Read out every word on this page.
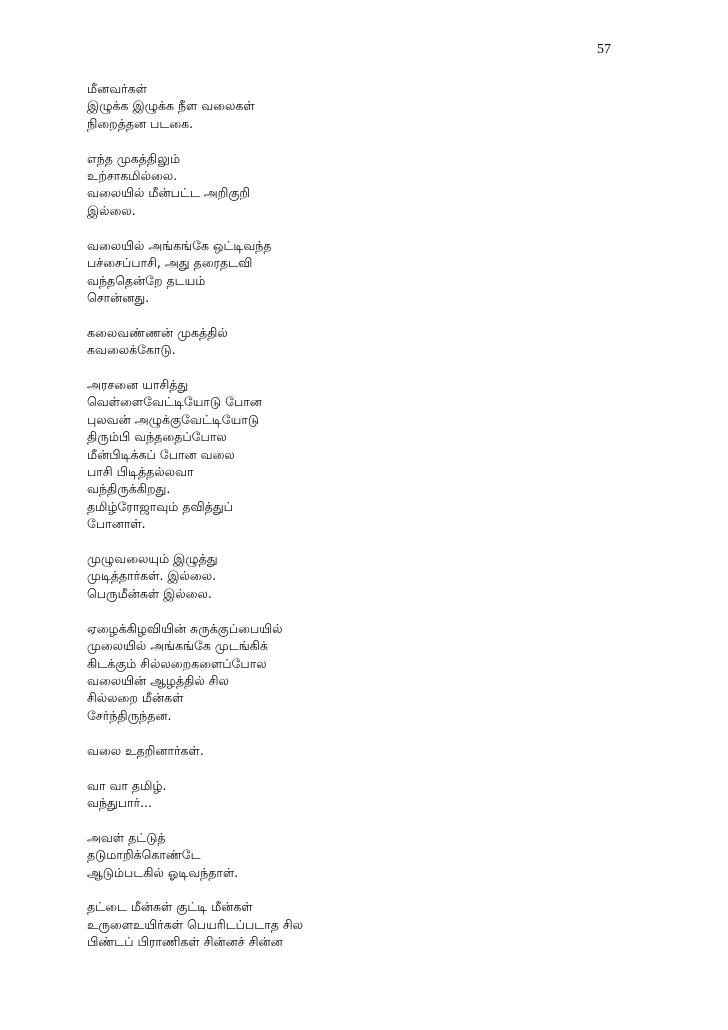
57
மீனவர்கள்
இழுக்க இழுக்க நீள வலைகள்
நிறைத்தன படகை.
எந்த முகத்திலும்
உற்சாகமில்லை.
வலையில் மீன்பட்ட அறிகுறி
இல்லை.
வலையில் அங்கங்கே ஒட்டிவந்த
பச்சைப்பாசி, அது தரைதடவி
வந்ததென்றே தடயம்
சொன்னது.
கலைவண்ணன் முகத்தில்
கவலைக்கோடு.
அரசனை யாசித்து
வெள்ளைவேட்டியோடு போன
புலவன் அழுக்குவேட்டியோடு
திரும்பி வந்ததைப்போல
மீன்பிடிக்கப் போன வலை
பாசி பிடித்தல்லவா
வந்திருக்கிறது.
தமிழ்ரோஜாவும் தவித்துப்
போனாள்.
முழுவலையும் இழுத்து
முடித்தார்கள். இல்லை.
பெருமீன்கள் இல்லை.
ஏழைக்கிழவியின் சுருக்குப்பையில்
முலையில் அங்கங்கே முடங்கிக்
கிடக்கும் சில்லறைகளைப்போல
வலையின் ஆழத்தில் சில
சில்லறை மீன்கள்
சேர்ந்திருந்தன.
வலை உதறினார்கள்.
வா வா தமிழ்.
வந்துபார்...
அவள் தட்டுத்
தடுமாறிக்கொண்டே
ஆடும்படகில் ஓடிவந்தாள்.
தட்டை மீன்கள் குட்டி மீன்கள்
உருளைஉயிர்கள் பெயரிடப்படாத சில
பிண்டப் பிராணிகள் சின்னச் சின்ன
